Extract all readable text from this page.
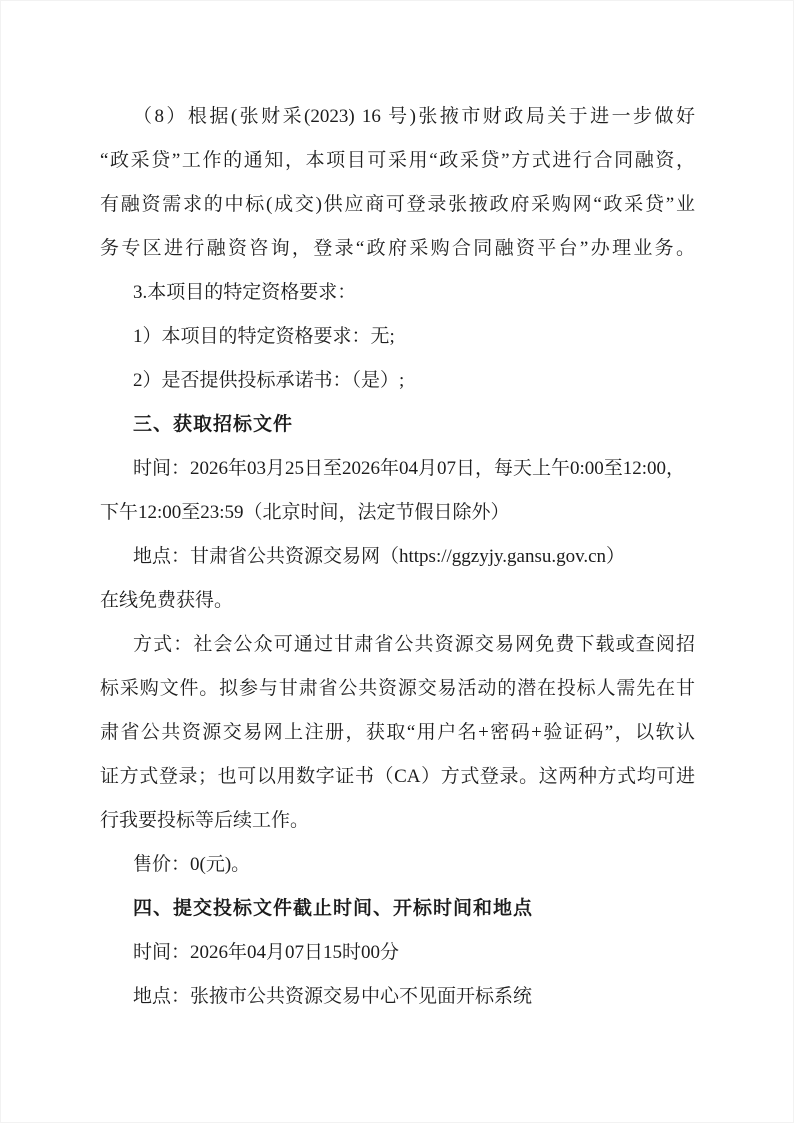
（8）根据(张财采(2023) 16 号)张掖市财政局关于进一步做好
“政采贷”工作的通知，本项目可采用“政采贷”方式进行合同融资，
有融资需求的中标(成交)供应商可登录张掖政府采购网“政采贷”业
务专区进行融资咨询，登录“政府采购合同融资平台”办理业务。
3.本项目的特定资格要求：
1）本项目的特定资格要求：无;
2）是否提供投标承诺书：（是）;
三、获取招标文件
时间：2026年03月25日至2026年04月07日，每天上午0:00至12:00，
下午12:00至23:59（北京时间，法定节假日除外）
地点：甘肃省公共资源交易网（https://ggzyjy.gansu.gov.cn）
在线免费获得。
方式：社会公众可通过甘肃省公共资源交易网免费下载或查阅招
标采购文件。拟参与甘肃省公共资源交易活动的潜在投标人需先在甘
肃省公共资源交易网上注册，获取“用户名+密码+验证码”，以软认
证方式登录；也可以用数字证书（CA）方式登录。这两种方式均可进
行我要投标等后续工作。
售价：0(元)。
四、提交投标文件截止时间、开标时间和地点
时间：2026年04月07日15时00分
地点：张掖市公共资源交易中心不见面开标系统
